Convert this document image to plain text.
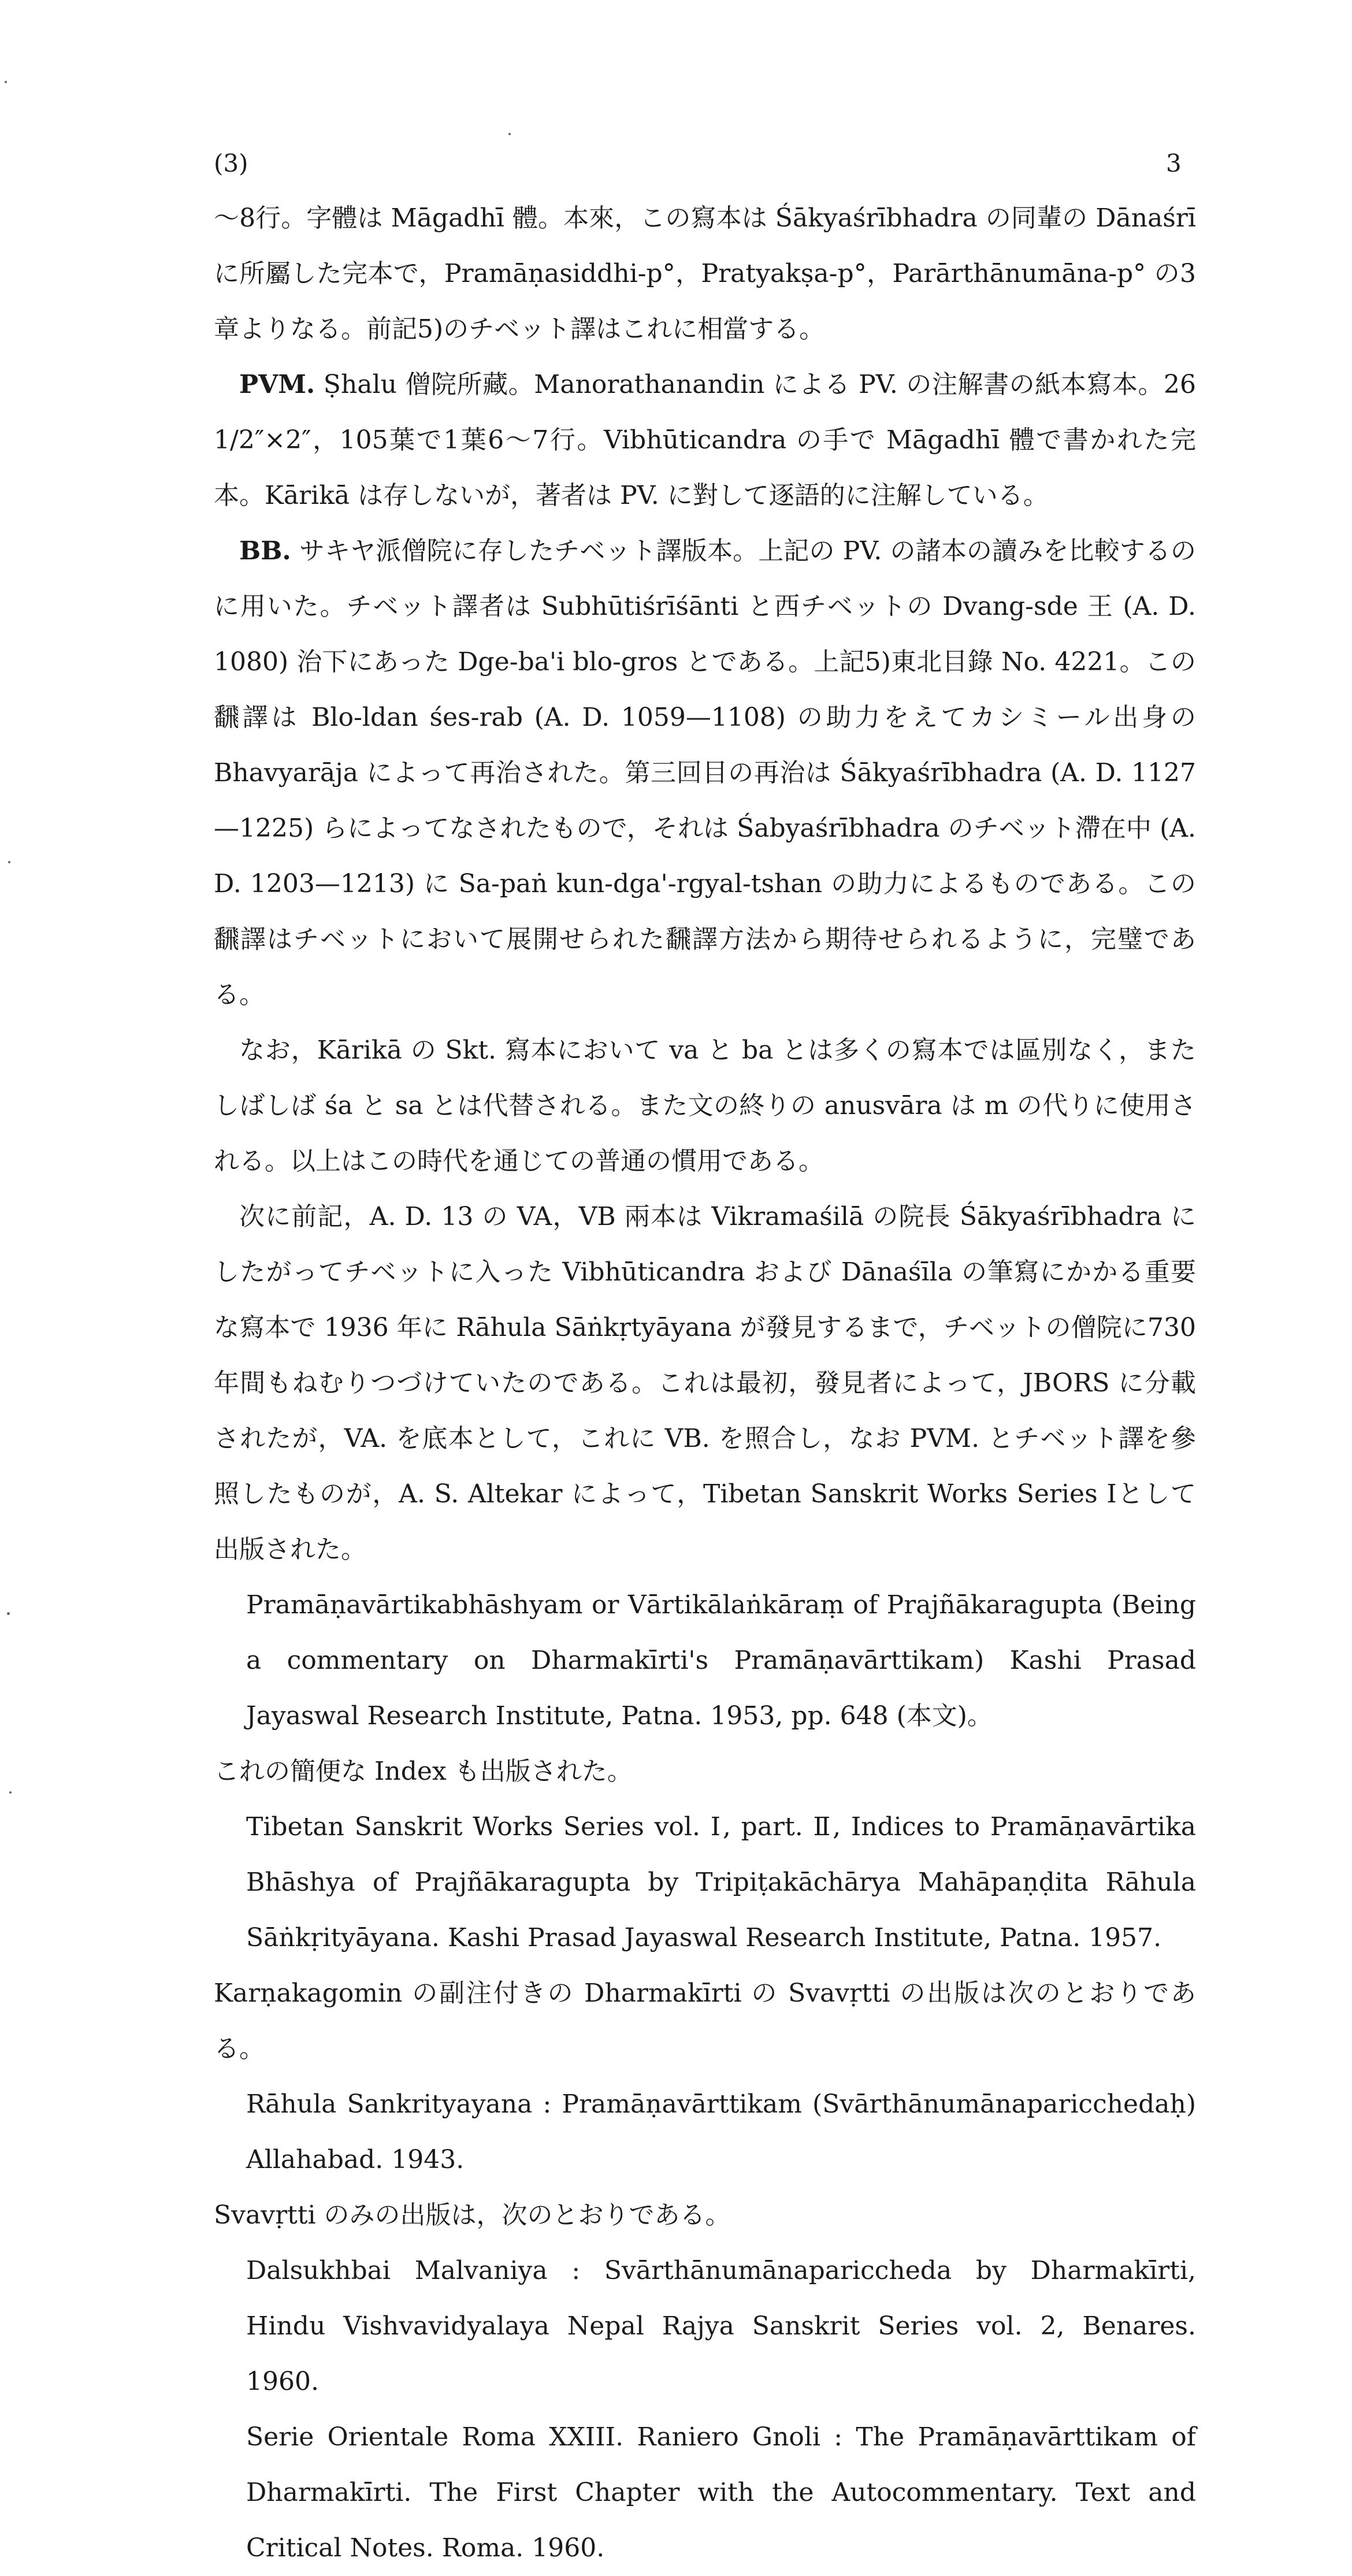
(3)	3

～8行。字體は Māgadhī 體。本來，この寫本は Śākyaśrībhadra の同輩の Dānaśrī に所屬した完本で，Pramāṇasiddhi-p°，Pratyakṣa-p°，Parārthānumāna-p° の3章よりなる。前記5)のチベット譯はこれに相當する。

PVM. Ṣhalu 僧院所藏。Manorathanandin による PV. の注解書の紙本寫本。26 1/2″×2″，105葉で1葉6～7行。Vibhūticandra の手で Māgadhī 體で書かれた完本。Kārikā は存しないが，著者は PV. に對して逐語的に注解している。

BB. サキヤ派僧院に存したチベット譯版本。上記の PV. の諸本の讀みを比較するのに用いた。チベット譯者は Subhūtiśrīśānti と西チベットの Dvang-sde 王 (A. D. 1080) 治下にあった Dge-ba'i blo-gros とである。上記5)東北目錄 No. 4221。この飜譯は Blo-ldan śes-rab (A. D. 1059—1108) の助力をえてカシミール出身の Bhavyarāja によって再治された。第三回目の再治は Śākyaśrībhadra (A. D. 1127—1225) らによってなされたもので，それは Śabyaśrībhadra のチベット滯在中 (A. D. 1203—1213) に Sa-paṅ kun-dga'-rgyal-tshan の助力によるものである。この飜譯はチベットにおいて展開せられた飜譯方法から期待せられるように，完璧である。

なお，Kārikā の Skt. 寫本において va と ba とは多くの寫本では區別なく，またしばしば śa と sa とは代替される。また文の終りの anusvāra は m の代りに使用される。以上はこの時代を通じての普通の慣用である。

次に前記，A. D. 13 の VA，VB 兩本は Vikramaśilā の院長 Śākyaśrībhadra にしたがってチベットに入った Vibhūticandra および Dānaśīla の筆寫にかかる重要な寫本で 1936 年に Rāhula Sāṅkṛtyāyana が發見するまで，チベットの僧院に730年間もねむりつづけていたのである。これは最初，發見者によって，JBORS に分載されたが，VA. を底本として，これに VB. を照合し，なお PVM. とチベット譯を參照したものが，A. S. Altekar によって，Tibetan Sanskrit Works Series Ⅰとして出版された。

Pramāṇavārtikabhāshyam or Vārtikālaṅkāraṃ of Prajñākaragupta (Being a commentary on Dharmakīrti's Pramāṇavārttikam) Kashi Prasad Jayaswal Research Institute, Patna. 1953, pp. 648 (本文)。

これの簡便な Index も出版された。

Tibetan Sanskrit Works Series vol. Ⅰ, part. Ⅱ, Indices to Pramāṇavārtika Bhāshya of Prajñākaragupta by Tripiṭakāchārya Mahāpaṇḍita Rāhula Sāṅkṛityāyana. Kashi Prasad Jayaswal Research Institute, Patna. 1957.

Karṇakagomin の副注付きの Dharmakīrti の Svavṛtti の出版は次のとおりである。

Rāhula Sankrityayana : Pramāṇavārttikam (Svārthānumānaparicchedaḥ) Allahabad. 1943.

Svavṛtti のみの出版は，次のとおりである。

Dalsukhbai Malvaniya : Svārthānumānapariccheda by Dharmakīrti, Hindu Vishvavidyalaya Nepal Rajya Sanskrit Series vol. 2, Benares. 1960.

Serie Orientale Roma XXIII. Raniero Gnoli : The Pramāṇavārttikam of Dharmakīrti. The First Chapter with the Autocommentary. Text and Critical Notes. Roma. 1960.
